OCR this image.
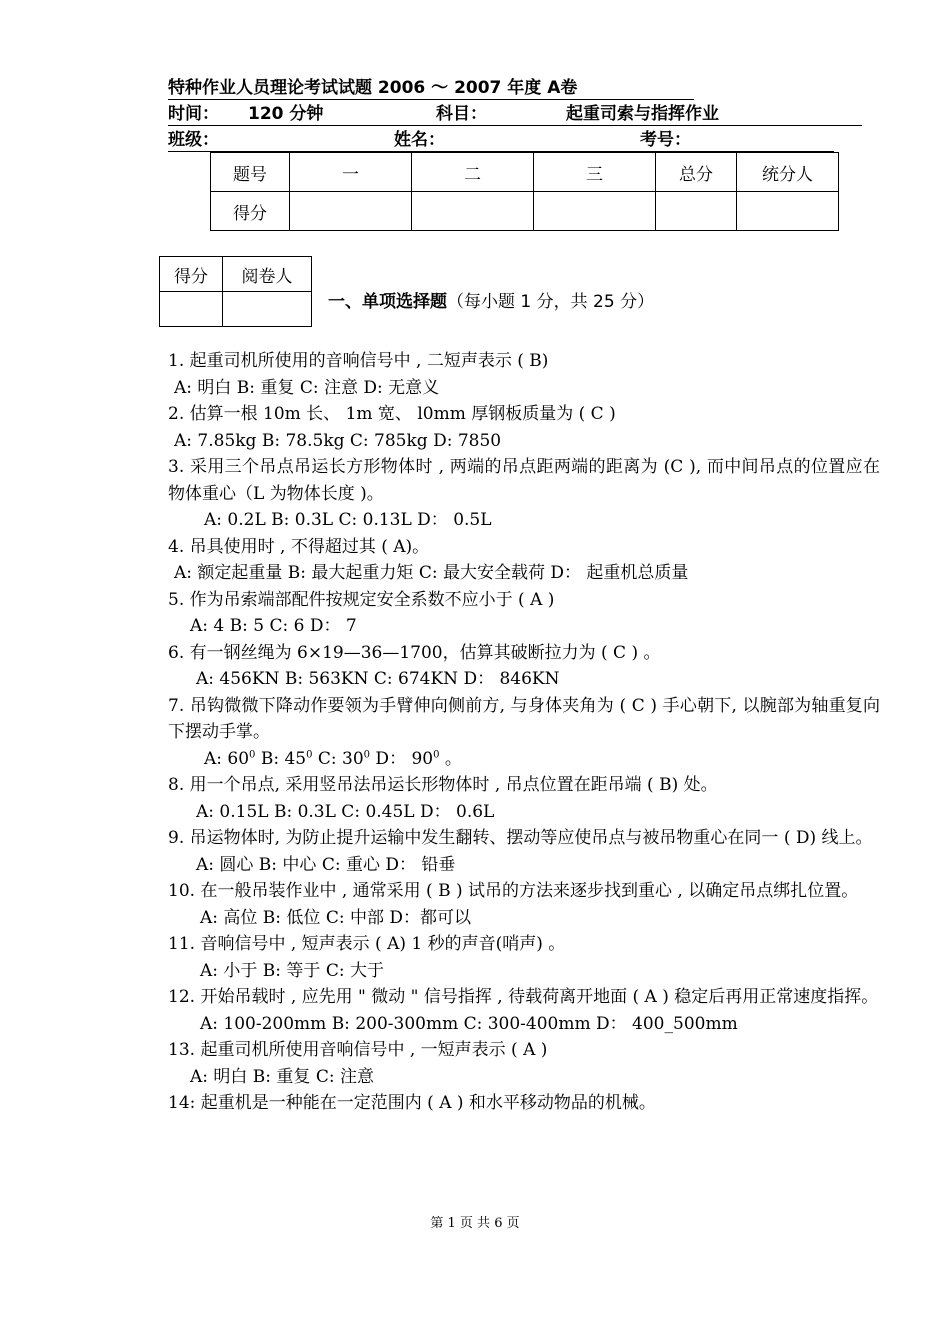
特种作业人员理论考试试题 2006 ～ 2007 年度 A卷
时间： 120 分钟	科目：	起重司索与指挥作业

班级：	姓名：	考号：

题号	一	二	三	总分	统分人
得分					
得分	阅卷人

一、单项选择题（每小题 1 分，共 25 分）
1. 起重司机所使用的音响信号中 , 二短声表示 ( B)
A: 明白 B: 重复 C: 注意 D: 无意义
2. 估算一根 10m 长、 1m 宽、 l0mm 厚钢板质量为 ( C )
A: 7.85kg B: 78.5kg C: 785kg D: 7850
3. 采用三个吊点吊运长方形物体时 , 两端的吊点距两端的距离为 (C ), 而中间吊点的位置应在物体重心（L 为物体长度 )。
A: 0.2L B: 0.3L C: 0.13L D： 0.5L
4. 吊具使用时 , 不得超过其 ( A)。
A: 额定起重量 B: 最大起重力矩 C: 最大安全载荷 D： 起重机总质量
5. 作为吊索端部配件按规定安全系数不应小于 ( A )
A: 4 B: 5 C: 6 D： 7
6. 有一钢丝绳为 6×19—36—1700，估算其破断拉力为 ( C ) 。
A: 456KN B: 563KN C: 674KN D： 846KN
7. 吊钩微微下降动作要领为手臂伸向侧前方, 与身体夹角为 ( C ) 手心朝下, 以腕部为轴重复向下摆动手掌。
A: $60^0$ B: $45^0$ C: $30^0$ D： $90^0$ 。
8. 用一个吊点, 采用竖吊法吊运长形物体时 , 吊点位置在距吊端 ( B) 处。
A: 0.15L B: 0.3L C: 0.45L D： 0.6L
9. 吊运物体时, 为防止提升运输中发生翻转、摆动等应使吊点与被吊物重心在同一 ( D) 线上。
A: 圆心 B: 中心 C: 重心 D： 铅垂
10. 在一般吊装作业中 , 通常采用 ( B ) 试吊的方法来逐步找到重心 , 以确定吊点绑扎位置。
A: 高位 B: 低位 C: 中部 D：都可以
11. 音响信号中 , 短声表示 ( A) 1 秒的声音(哨声) 。
A: 小于 B: 等于 C: 大于
12. 开始吊载时 , 应先用 " 微动 " 信号指挥 , 待载荷离开地面 ( A ) 稳定后再用正常速度指挥。
A: 100-200mm B: 200-300mm C: 300-400mm D： 400_500mm
13. 起重司机所使用音响信号中 , 一短声表示 ( A )
A: 明白 B: 重复 C: 注意
14: 起重机是一种能在一定范围内 ( A ) 和水平移动物品的机械。
第 1 页 共 6 页
